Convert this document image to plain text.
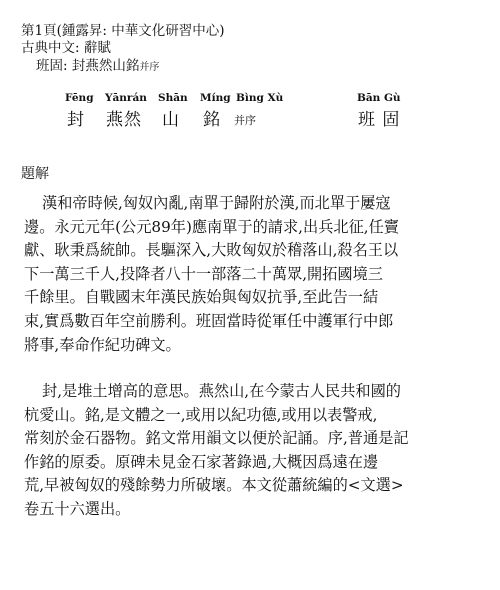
第1頁(鍾露昇: 中華文化研習中心)
古典中文: 辭賦
班固: 封燕然山銘并序
Fēng Yānrán Shān Míng Bìng Xù	Bān Gù
封 燕然 山 銘 并序	班 固
題解
漢和帝時候,匈奴內亂,南單于歸附於漢,而北單于屢寇
邊。永元元年(公元89年)應南單于的請求,出兵北征,任竇
獻、耿秉爲統帥。長驅深入,大敗匈奴於稽落山,殺名王以
下一萬三千人,投降者八十一部落二十萬眾,開拓國境三
千餘里。自戰國末年漢民族始與匈奴抗爭,至此告一結
束,實爲數百年空前勝利。班固當時從軍任中護軍行中郎
將事,奉命作紀功碑文。
封,是堆土增高的意思。燕然山,在今蒙古人民共和國的
杭愛山。銘,是文體之一,或用以紀功德,或用以表警戒,
常刻於金石器物。銘文常用韻文以便於記誦。序,普通是記
作銘的原委。原碑未見金石家著錄過,大概因爲遠在邊
荒,早被匈奴的殘餘勢力所破壞。本文從蕭統編的<文選>
卷五十六選出。
